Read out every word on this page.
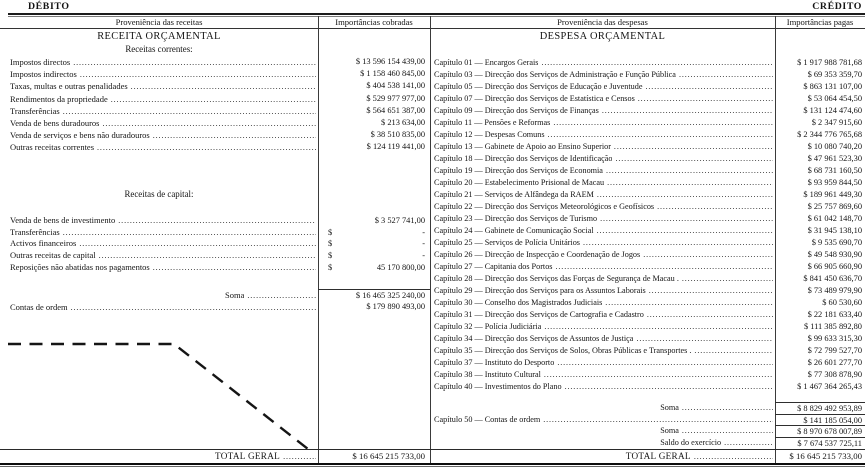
DÉBITO	CRÉDITO
Proveniência das receitas	Importâncias cobradas	Proveniência das despesas	Importâncias pagas
RECEITA ORÇAMENTAL
Receitas correntes:
Impostos directos .....	$ 13 596 154 439,00
Impostos indirectos .....	$ 1 158 460 845,00
Taxas, multas e outras penalidades .....	$ 404 538 141,00
Rendimentos da propriedade .....	$ 529 977 977,00
Transferências .....	$ 564 651 387,00
Venda de bens duradouros .....	$ 213 634,00
Venda de serviços e bens não duradouros .....	$ 38 510 835,00
Outras receitas correntes .....	$ 124 119 441,00
Receitas de capital:
Venda de bens de investimento .....	$ 3 527 741,00
Transferências .....	$	-
Activos financeiros .....	$	-
Outras receitas de capital .....	$	-
Reposições não abatidas nos pagamentos .....	$	45 170 800,00
Soma .....	$ 16 465 325 240,00
Contas de ordem .....	$ 179 890 493,00
TOTAL GERAL .....	$ 16 645 215 733,00
DESPESA ORÇAMENTAL
Capítulo 01 — Encargos Gerais .....	$ 1 917 988 781,68
Capítulo 03 — Direcção dos Serviços de Administração e Função Pública .....	$ 69 353 359,70
Capítulo 05 — Direcção dos Serviços de Educação e Juventude .....	$ 863 131 107,00
Capítulo 07 — Direcção dos Serviços de Estatística e Censos .....	$ 53 064 454,50
Capítulo 09 — Direcção dos Serviços de Finanças .....	$ 131 124 474,60
Capítulo 11 — Pensões e Reformas .....	$ 2 347 915,60
Capítulo 12 — Despesas Comuns .....	$ 2 344 776 765,68
Capítulo 13 — Gabinete de Apoio ao Ensino Superior .....	$ 10 080 740,20
Capítulo 18 — Direcção dos Serviços de Identificação .....	$ 47 961 523,30
Capítulo 19 — Direcção dos Serviços de Economia .....	$ 68 731 160,50
Capítulo 20 — Estabelecimento Prisional de Macau .....	$ 93 959 844,50
Capítulo 21 — Serviços de Alfândega da RAEM .....	$ 189 961 449,30
Capítulo 22 — Direcção dos Serviços Meteorológicos e Geofísicos .....	$ 25 757 869,60
Capítulo 23 — Direcção dos Serviços de Turismo .....	$ 61 042 148,70
Capítulo 24 — Gabinete de Comunicação Social .....	$ 31 945 138,10
Capítulo 25 — Serviços de Polícia Unitários .....	$ 9 535 690,70
Capítulo 26 — Direcção de Inspecção e Coordenação de Jogos .....	$ 49 548 930,90
Capítulo 27 — Capitania dos Portos .....	$ 66 905 660,90
Capítulo 28 — Direcção dos Serviços das Forças de Segurança de Macau . .....	$ 841 450 636,70
Capítulo 29 — Direcção dos Serviços para os Assuntos Laborais .....	$ 73 489 979,90
Capítulo 30 — Conselho dos Magistrados Judiciais .....	$ 60 530,60
Capítulo 31 — Direcção dos Serviços de Cartografia e Cadastro .....	$ 22 181 633,40
Capítulo 32 — Polícia Judiciária .....	$ 111 385 892,80
Capítulo 34 — Direcção dos Serviços de Assuntos de Justiça .....	$ 99 633 315,30
Capítulo 35 — Direcção dos Serviços de Solos, Obras Públicas e Transportes . .....	$ 72 799 527,70
Capítulo 37 — Instituto do Desporto .....	$ 26 601 277,70
Capítulo 38 — Instituto Cultural .....	$ 77 308 878,90
Capítulo 40 — Investimentos do Plano .....	$ 1 467 364 265,43
Soma .....	$ 8 829 492 953,89
Capítulo 50 — Contas de ordem .....	$ 141 185 054,00
Soma .....	$ 8 970 678 007,89
Saldo do exercício .....	$ 7 674 537 725,11
TOTAL GERAL .....	$ 16 645 215 733,00
